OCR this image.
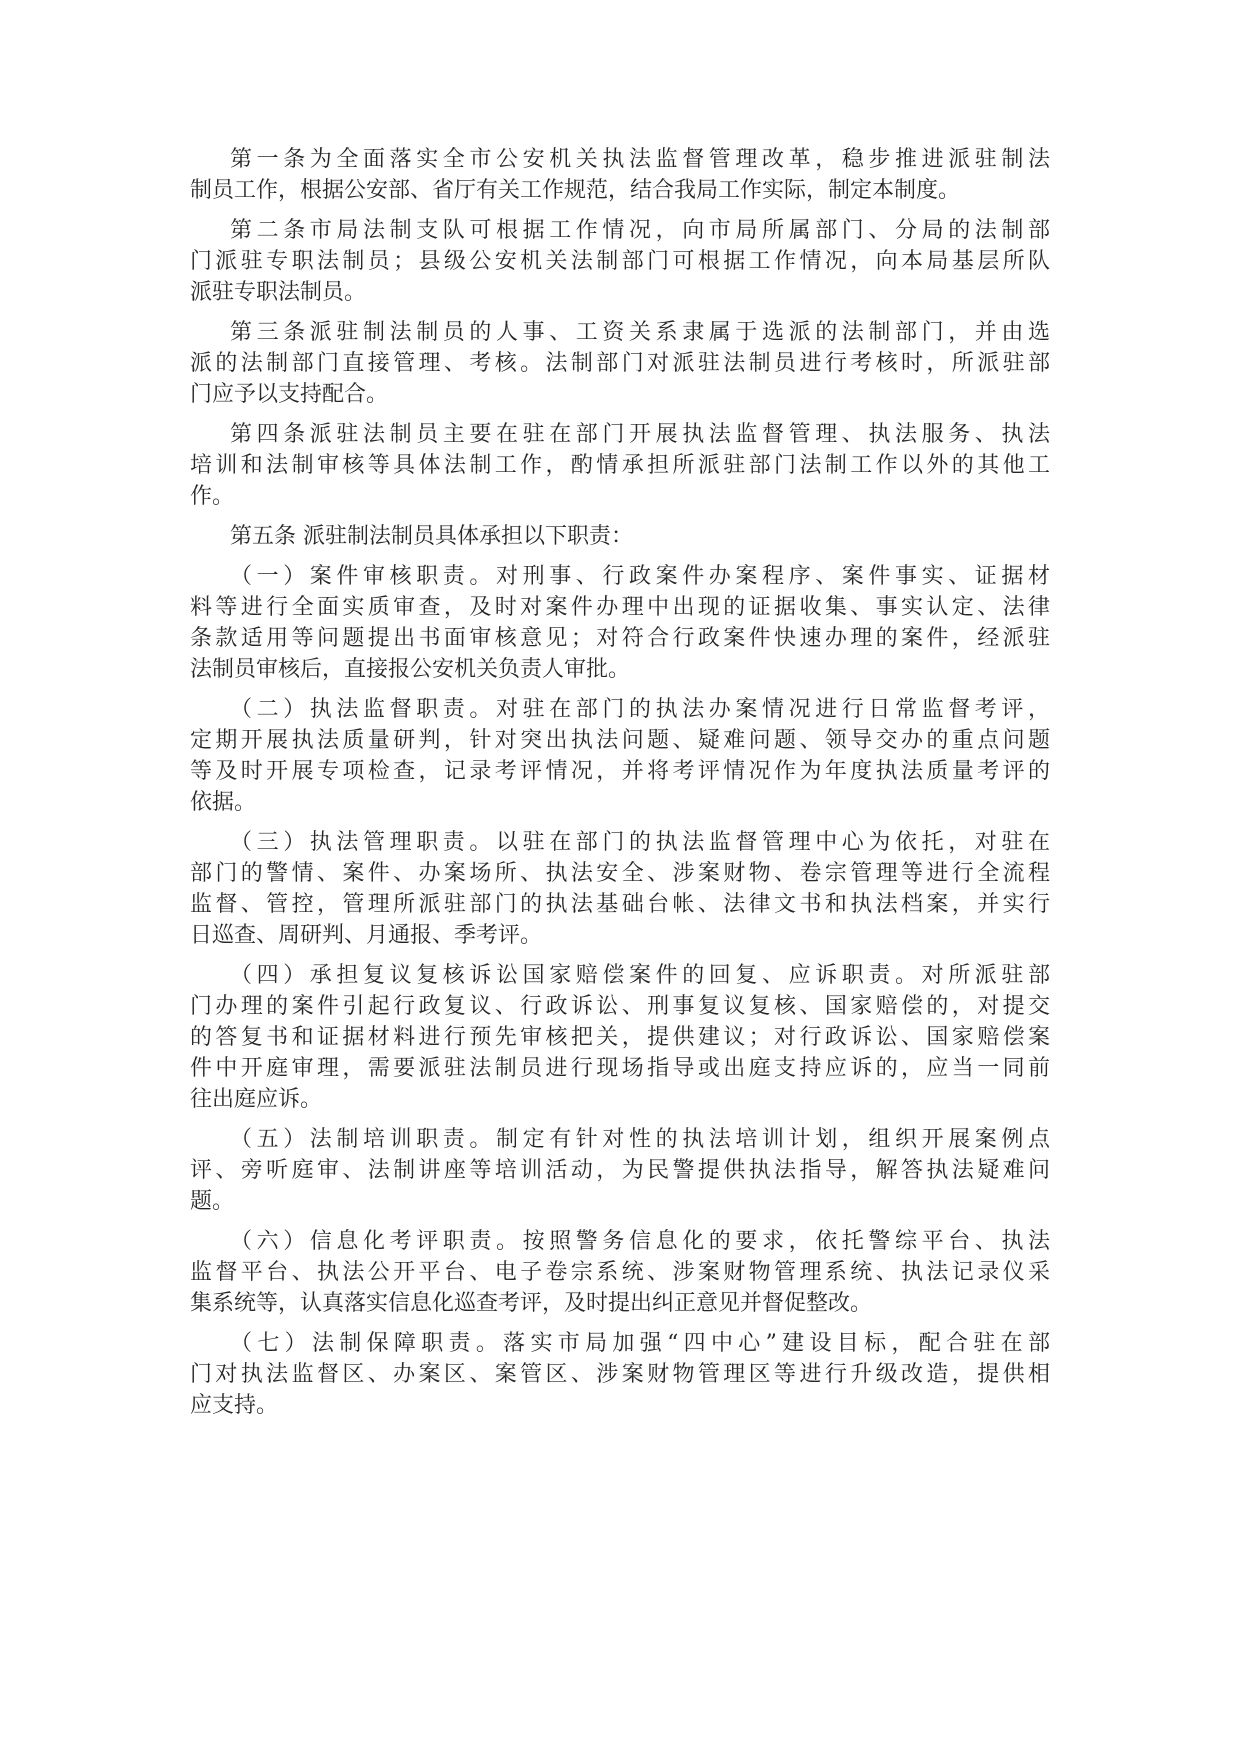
第一条为全面落实全市公安机关执法监督管理改革，稳步推进派驻制法
制员工作，根据公安部、省厅有关工作规范，结合我局工作实际，制定本制度。
第二条市局法制支队可根据工作情况，向市局所属部门、分局的法制部
门派驻专职法制员；县级公安机关法制部门可根据工作情况，向本局基层所队
派驻专职法制员。
第三条派驻制法制员的人事、工资关系隶属于选派的法制部门，并由选
派的法制部门直接管理、考核。法制部门对派驻法制员进行考核时，所派驻部
门应予以支持配合。
第四条派驻法制员主要在驻在部门开展执法监督管理、执法服务、执法
培训和法制审核等具体法制工作，酌情承担所派驻部门法制工作以外的其他工
作。
第五条 派驻制法制员具体承担以下职责：
（一）案件审核职责。对刑事、行政案件办案程序、案件事实、证据材
料等进行全面实质审查，及时对案件办理中出现的证据收集、事实认定、法律
条款适用等问题提出书面审核意见；对符合行政案件快速办理的案件，经派驻
法制员审核后，直接报公安机关负责人审批。
（二）执法监督职责。对驻在部门的执法办案情况进行日常监督考评，
定期开展执法质量研判，针对突出执法问题、疑难问题、领导交办的重点问题
等及时开展专项检查，记录考评情况，并将考评情况作为年度执法质量考评的
依据。
（三）执法管理职责。以驻在部门的执法监督管理中心为依托，对驻在
部门的警情、案件、办案场所、执法安全、涉案财物、卷宗管理等进行全流程
监督、管控，管理所派驻部门的执法基础台帐、法律文书和执法档案，并实行
日巡查、周研判、月通报、季考评。
（四）承担复议复核诉讼国家赔偿案件的回复、应诉职责。对所派驻部
门办理的案件引起行政复议、行政诉讼、刑事复议复核、国家赔偿的，对提交
的答复书和证据材料进行预先审核把关，提供建议；对行政诉讼、国家赔偿案
件中开庭审理，需要派驻法制员进行现场指导或出庭支持应诉的，应当一同前
往出庭应诉。
（五）法制培训职责。制定有针对性的执法培训计划，组织开展案例点
评、旁听庭审、法制讲座等培训活动，为民警提供执法指导，解答执法疑难问
题。
（六）信息化考评职责。按照警务信息化的要求，依托警综平台、执法
监督平台、执法公开平台、电子卷宗系统、涉案财物管理系统、执法记录仪采
集系统等，认真落实信息化巡查考评，及时提出纠正意见并督促整改。
（七）法制保障职责。落实市局加强“四中心”建设目标，配合驻在部
门对执法监督区、办案区、案管区、涉案财物管理区等进行升级改造，提供相
应支持。
